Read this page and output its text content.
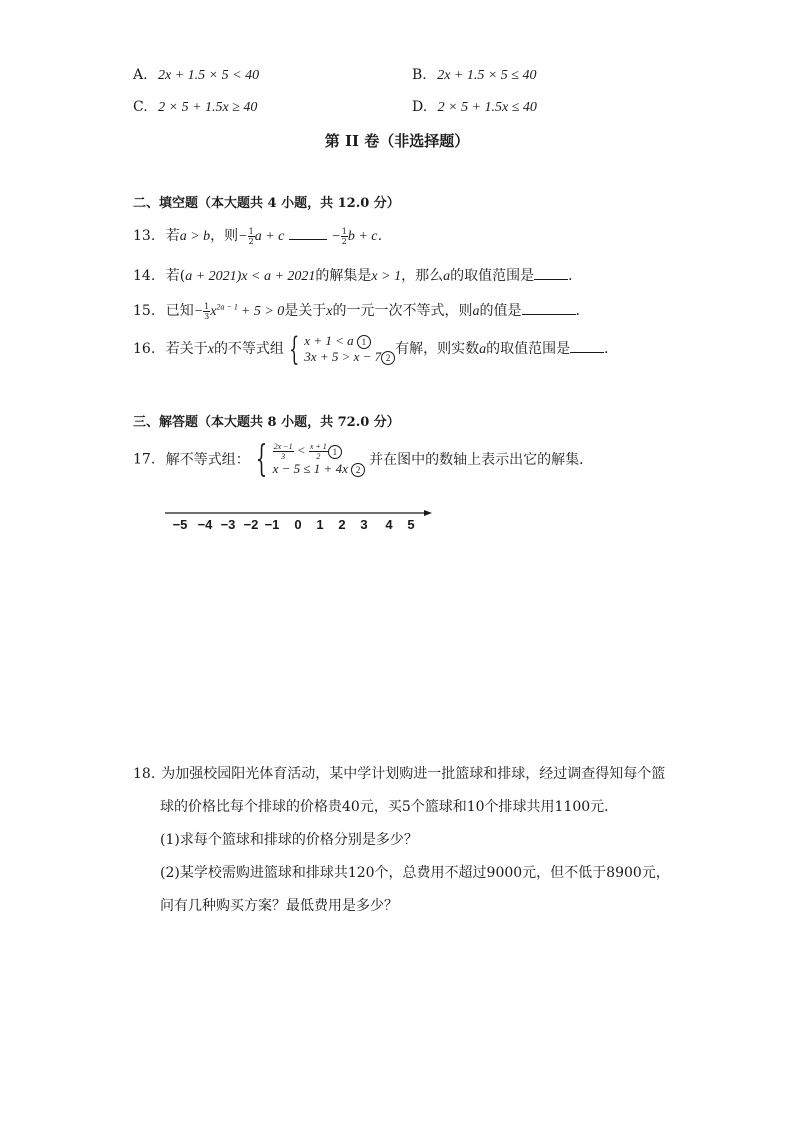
A. 2x + 1.5 × 5 < 40	B. 2x + 1.5 × 5 ≤ 40
C. 2 × 5 + 1.5x ≥ 40	D. 2 × 5 + 1.5x ≤ 40
第 II 卷（非选择题）
二、填空题（本大题共 4 小题，共 12.0 分）
13. 若a > b，则− $\frac{1}{2}$ a + c	− $\frac{1}{2}$ b + c．
14. 若(a + 2021)x < a + 2021的解集是x > 1，那么a的取值范围是 ．
15. 已知− $\frac{1}{3} x^{2a - 1} + 5 > 0$是关于x的一元一次不等式，则a的值是	．
16. 若关于x的不等式组 { x + 1 < a 1
3x + 5 > x − 7 2
有解，则实数a的取值范围是 ．
三、解答题（本大题共 8 小题，共 72.0 分）
17. 解不等式组： { $\frac{2x -1}{3} < \frac{x + 1}{2} 1$
x − 5 ≤ 1 + 4x 2
并在图中的数轴上表示出它的解集．
−5 −4 −3 −2 −1 0 1 2 3 4 5
18. 为加强校园阳光体育活动，某中学计划购进一批篮球和排球，经过调查得知每个篮
球的价格比每个排球的价格贵40元，买5个篮球和10个排球共用1100元．
(1)求每个篮球和排球的价格分别是多少？
(2)某学校需购进篮球和排球共120个，总费用不超过9000元，但不低于8900元，
问有几种购买方案？最低费用是多少？
